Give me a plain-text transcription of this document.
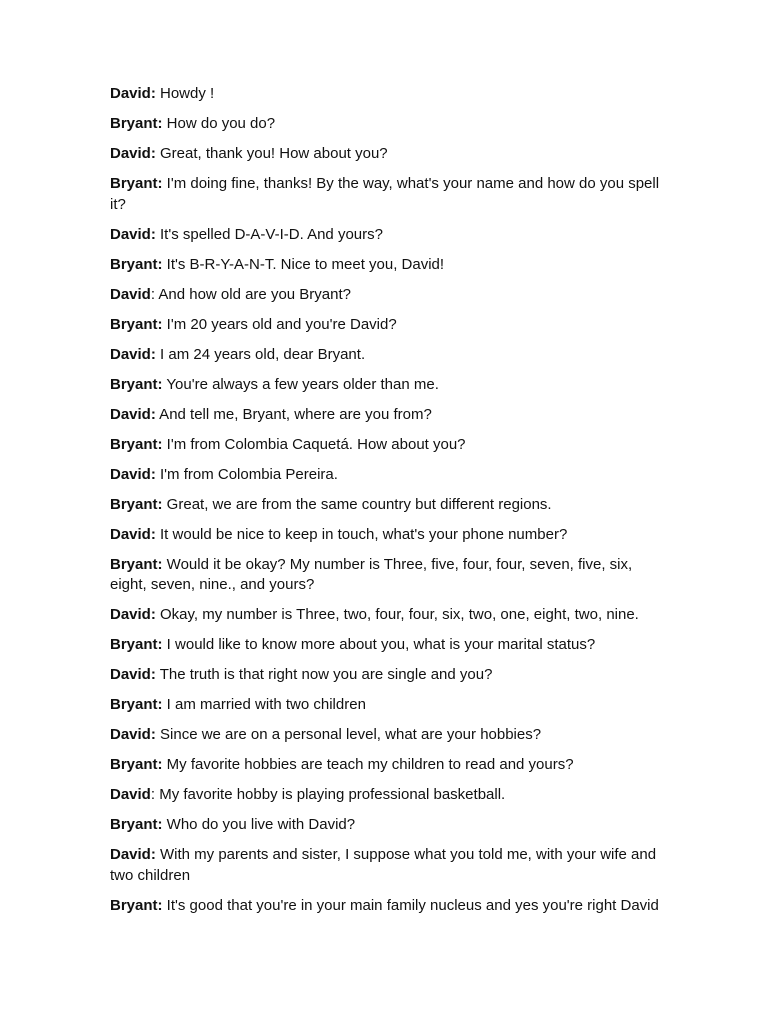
David: Howdy !

Bryant: How do you do?

David: Great, thank you! How about you?

Bryant: I'm doing fine, thanks! By the way, what's your name and how do you spell it?

David: It's spelled D-A-V-I-D. And yours?

Bryant: It's B-R-Y-A-N-T. Nice to meet you, David!

David: And how old are you Bryant?

Bryant: I'm 20 years old and you're David?

David: I am 24 years old, dear Bryant.

Bryant: You're always a few years older than me.

David: And tell me, Bryant, where are you from?

Bryant: I'm from Colombia Caquetá. How about you?

David: I'm from Colombia Pereira.

Bryant: Great, we are from the same country but different regions.

David: It would be nice to keep in touch, what's your phone number?

Bryant: Would it be okay? My number is Three, five, four, four, seven, five, six, eight, seven, nine., and yours?

David: Okay, my number is Three, two, four, four, six, two, one, eight, two, nine.

Bryant: I would like to know more about you, what is your marital status?

David: The truth is that right now you are single and you?

Bryant: I am married with two children

David: Since we are on a personal level, what are your hobbies?

Bryant: My favorite hobbies are teach my children to read and yours?

David: My favorite hobby is playing professional basketball.

Bryant: Who do you live with David?

David: With my parents and sister, I suppose what you told me, with your wife and two children

Bryant: It's good that you're in your main family nucleus and yes you're right David
